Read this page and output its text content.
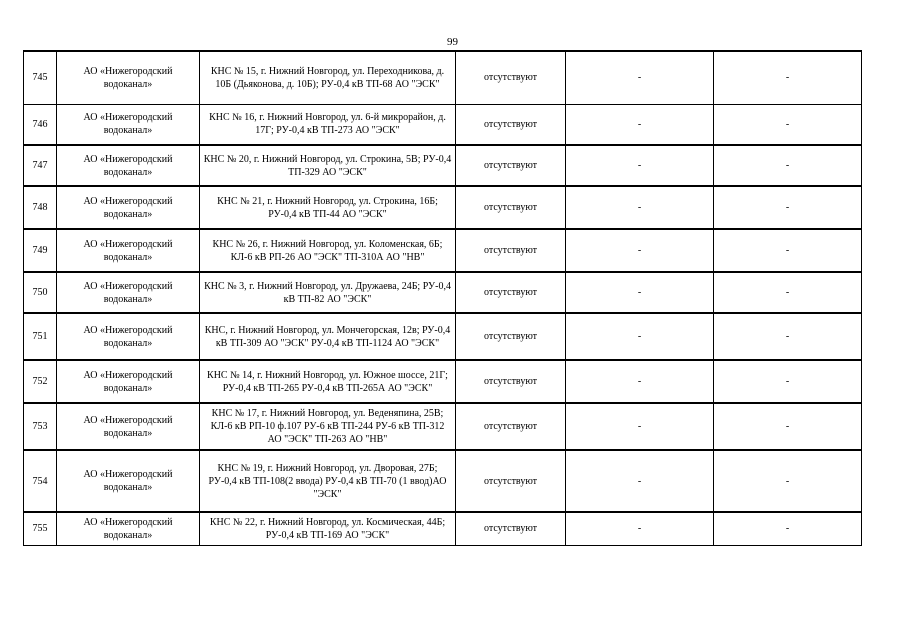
99
745	АО «Нижегородский водоканал»	КНС № 15, г. Нижний Новгород, ул. Переходникова, д. 10Б (Дьяконова, д. 10Б); РУ-0,4 кВ ТП-68 АО "ЭСК"	отсутствуют	-	-
746	АО «Нижегородский водоканал»	КНС № 16, г. Нижний Новгород, ул. 6-й микрорайон, д. 17Г; РУ-0,4 кВ ТП-273 АО "ЭСК"	отсутствуют	-	-
747	АО «Нижегородский водоканал»	КНС № 20, г. Нижний Новгород, ул. Строкина, 5В; РУ-0,4 ТП-329 АО "ЭСК"	отсутствуют	-	-
748	АО «Нижегородский водоканал»	КНС № 21, г. Нижний Новгород, ул. Строкина, 16Б; РУ-0,4 кВ ТП-44 АО "ЭСК"	отсутствуют	-	-
749	АО «Нижегородский водоканал»	КНС № 26, г. Нижний Новгород, ул. Коломенская, 6Б; КЛ-6 кВ РП-26 АО "ЭСК" ТП-310А АО "НВ"	отсутствуют	-	-
750	АО «Нижегородский водоканал»	КНС № 3, г. Нижний Новгород, ул. Дружаева, 24Б; РУ-0,4 кВ ТП-82 АО "ЭСК"	отсутствуют	-	-
751	АО «Нижегородский водоканал»	КНС, г. Нижний Новгород, ул. Мончегорская, 12в; РУ-0,4 кВ ТП-309 АО "ЭСК" РУ-0,4 кВ ТП-1124 АО "ЭСК"	отсутствуют	-	-
752	АО «Нижегородский водоканал»	КНС № 14, г. Нижний Новгород, ул. Южное шоссе, 21Г; РУ-0,4 кВ ТП-265 РУ-0,4 кВ ТП-265А АО "ЭСК"	отсутствуют	-	-
753	АО «Нижегородский водоканал»	КНС № 17, г. Нижний Новгород, ул. Веденяпина, 25В; КЛ-6 кВ РП-10 ф.107 РУ-6 кВ ТП-244 РУ-6 кВ ТП-312 АО "ЭСК" ТП-263 АО "НВ"	отсутствуют	-	-
754	АО «Нижегородский водоканал»	КНС № 19, г. Нижний Новгород, ул. Дворовая, 27Б; РУ-0,4 кВ ТП-108(2 ввода) РУ-0,4 кВ ТП-70 (1 ввод)АО "ЭСК"	отсутствуют	-	-
755	АО «Нижегородский водоканал»	КНС № 22, г. Нижний Новгород, ул. Космическая, 44Б; РУ-0,4 кВ ТП-169 АО "ЭСК"	отсутствуют	-	-
